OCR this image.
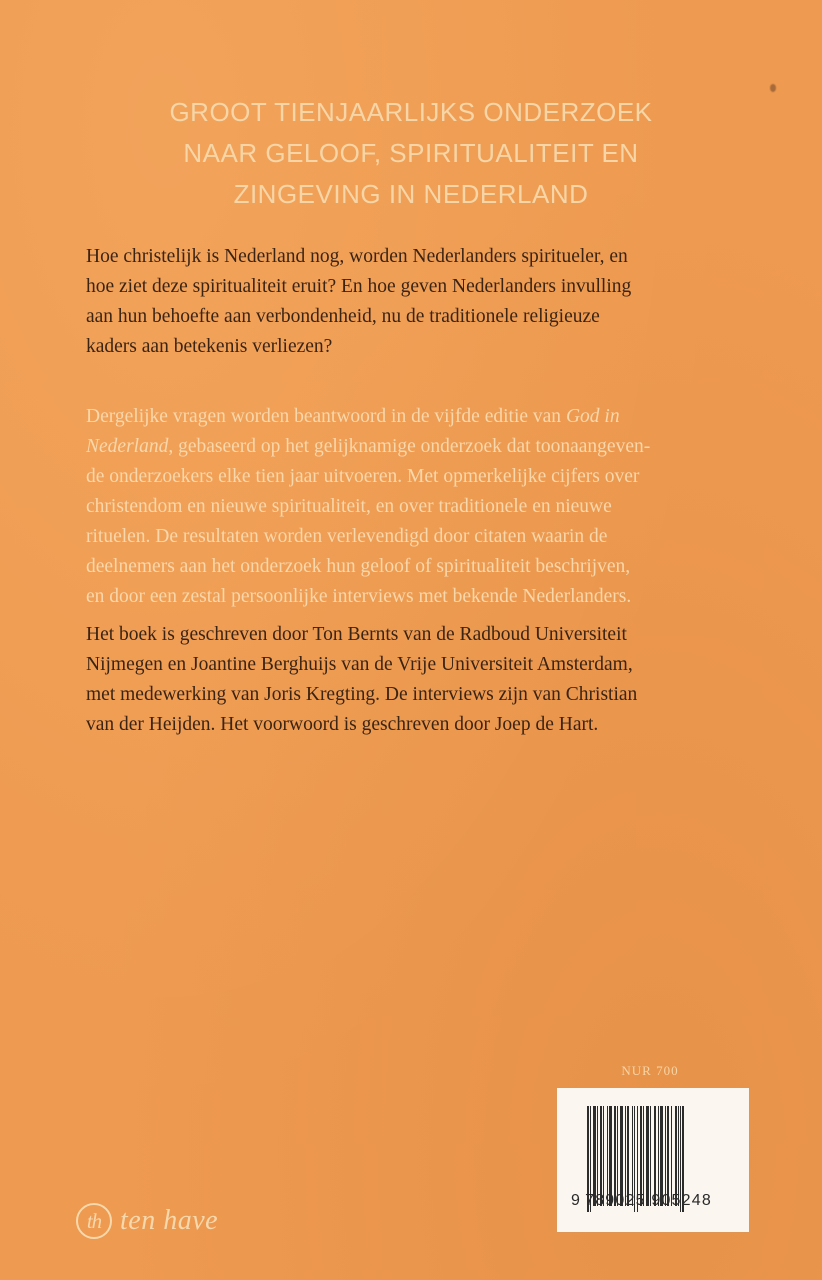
GROOT TIENJAARLIJKS ONDERZOEK
NAAR GELOOF, SPIRITUALITEIT EN
ZINGEVING IN NEDERLAND

Hoe christelijk is Nederland nog, worden Nederlanders spiritueler, en
hoe ziet deze spiritualiteit eruit? En hoe geven Nederlanders invulling
aan hun behoefte aan verbondenheid, nu de traditionele religieuze
kaders aan betekenis verliezen?

Dergelijke vragen worden beantwoord in de vijfde editie van God in
Nederland, gebaseerd op het gelijknamige onderzoek dat toonaangeven-
de onderzoekers elke tien jaar uitvoeren. Met opmerkelijke cijfers over
christendom en nieuwe spiritualiteit, en over traditionele en nieuwe
rituelen. De resultaten worden verlevendigd door citaten waarin de
deelnemers aan het onderzoek hun geloof of spiritualiteit beschrijven,
en door een zestal persoonlijke interviews met bekende Nederlanders.

Het boek is geschreven door Ton Bernts van de Radboud Universiteit
Nijmegen en Joantine Berghuijs van de Vrije Universiteit Amsterdam,
met medewerking van Joris Kregting. De interviews zijn van Christian
van der Heijden. Het voorwoord is geschreven door Joep de Hart.

NUR 700
9 789025 905248
th ten have
